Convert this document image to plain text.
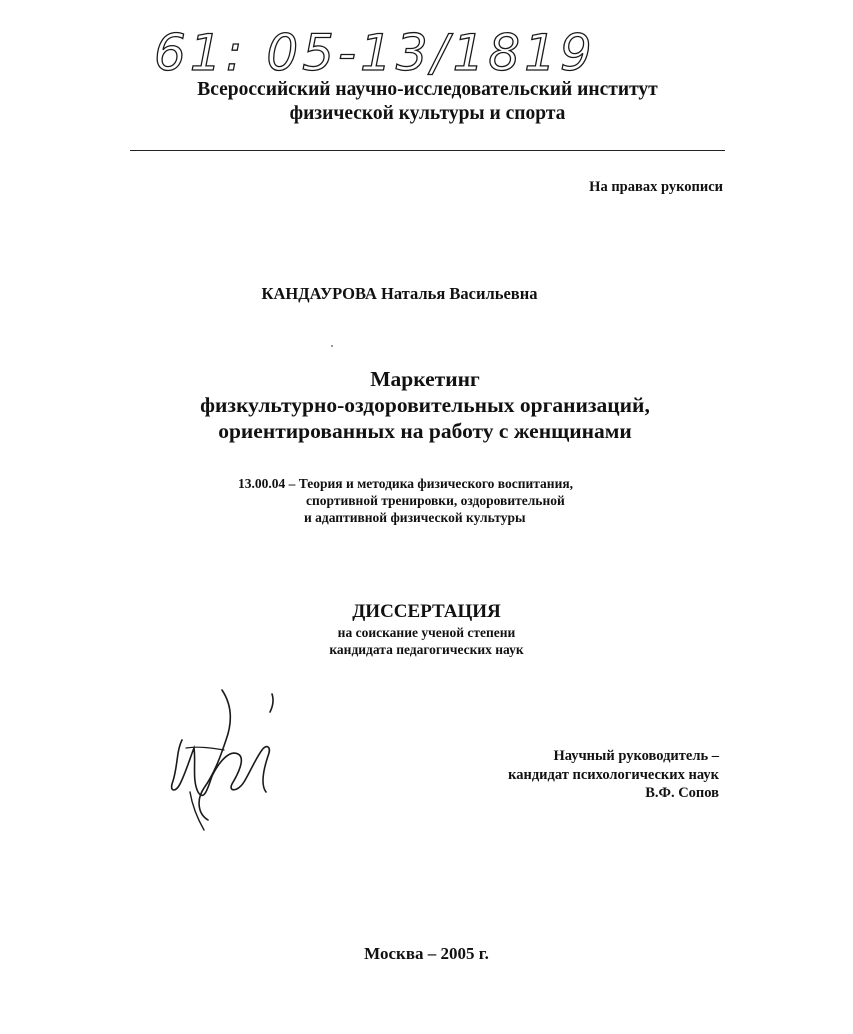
61: 05-13/1819
Всероссийский научно-исследовательский институт
физической культуры и спорта
На правах рукописи
КАНДАУРОВА Наталья Васильевна
Маркетинг
физкультурно-оздоровительных организаций,
ориентированных на работу с женщинами
13.00.04 – Теория и методика физического воспитания,
спортивной тренировки, оздоровительной
и адаптивной физической культуры
ДИССЕРТАЦИЯ
на соискание ученой степени
кандидата педагогических наук
Научный руководитель –
кандидат психологических наук
В.Ф. Сопов
Москва – 2005 г.
